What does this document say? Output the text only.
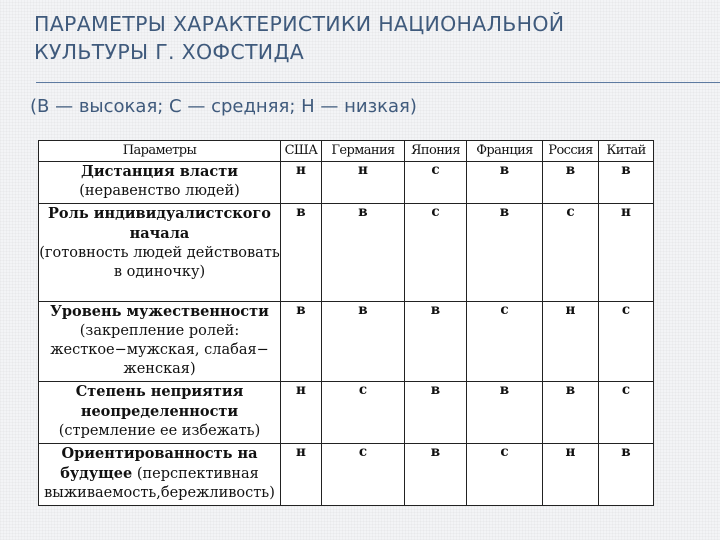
ПАРАМЕТРЫ ХАРАКТЕРИСТИКИ НАЦИОНАЛЬНОЙ
КУЛЬТУРЫ Г. ХОФСТИДА
(В — высокая; С — средняя; Н — низкая)
Параметры	США	Германия	Япония	Франция	Россия	Китай
Дистанция власти
(неравенство людей)	н	н	с	в	в	в
Роль индивидуалистского начала
(готовность людей действовать в одиночку)	в	в	с	в	с	н
Уровень мужественности
(закрепление ролей: жесткое−мужская, слабая− женская)	в	в	в	с	н	с
Степень неприятия неопределенности
(стремление ее избежать)	н	с	в	в	в	с
Ориентированность на будущее (перспективная выживаемость,бережливость)	н	с	в	с	н	в
